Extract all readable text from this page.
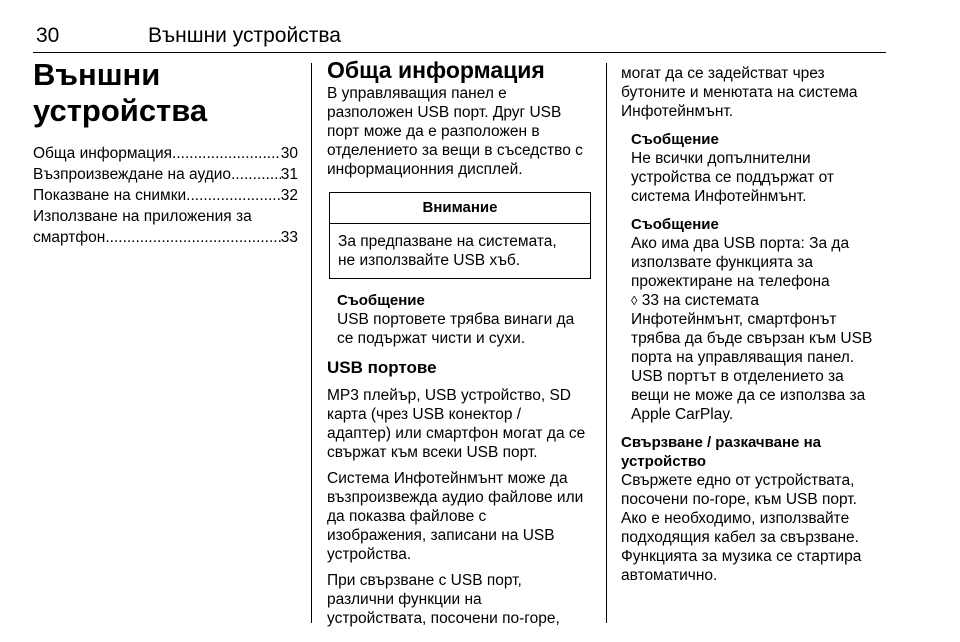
30	Външни устройства
Външни
устройства
Обща информация .....	30
Възпроизвеждане на аудио .....	31
Показване на снимки .....	32
Използване на приложения за
смартфон .....	33
Обща информация

В управляващия панел е
разположен USB порт. Друг USB
порт може да е разположен в
отделението за вещи в съседство с
информационния дисплей.

Внимание

За предпазване на системата,
не използвайте USB хъб.

Съобщение

USB портовете трябва винаги да
се подържат чисти и сухи.

USB портове

MP3 плейър, USB устройство, SD
карта (чрез USB конектор /
адаптер) или смартфон могат да се
свържат към всеки USB порт.

Система Инфотейнмънт може да
възпроизвежда аудио файлове или
да показва файлове с
изображения, записани на USB
устройства.

При свързване с USB порт,
различни функции на
устройствата, посочени по-горе,

могат да се задействат чрез
бутоните и менютата на система
Инфотейнмънт.

Съобщение

Не всички допълнителни
устройства се поддържат от
система Инфотейнмънт.

Съобщение

Ако има два USB порта: За да
използвате функцията за
прожектиране на телефона
◊ 33 на системата
Инфотейнмънт, смартфонът
трябва да бъде свързан към USB
порта на управляващия панел.
USB портът в отделението за
вещи не може да се използва за
Apple CarPlay.

Свързване / разкачване на
устройство

Свържете едно от устройствата,
посочени по-горе, към USB порт.
Ако е необходимо, използвайте
подходящия кабел за свързване.
Функцията за музика се стартира
автоматично.
